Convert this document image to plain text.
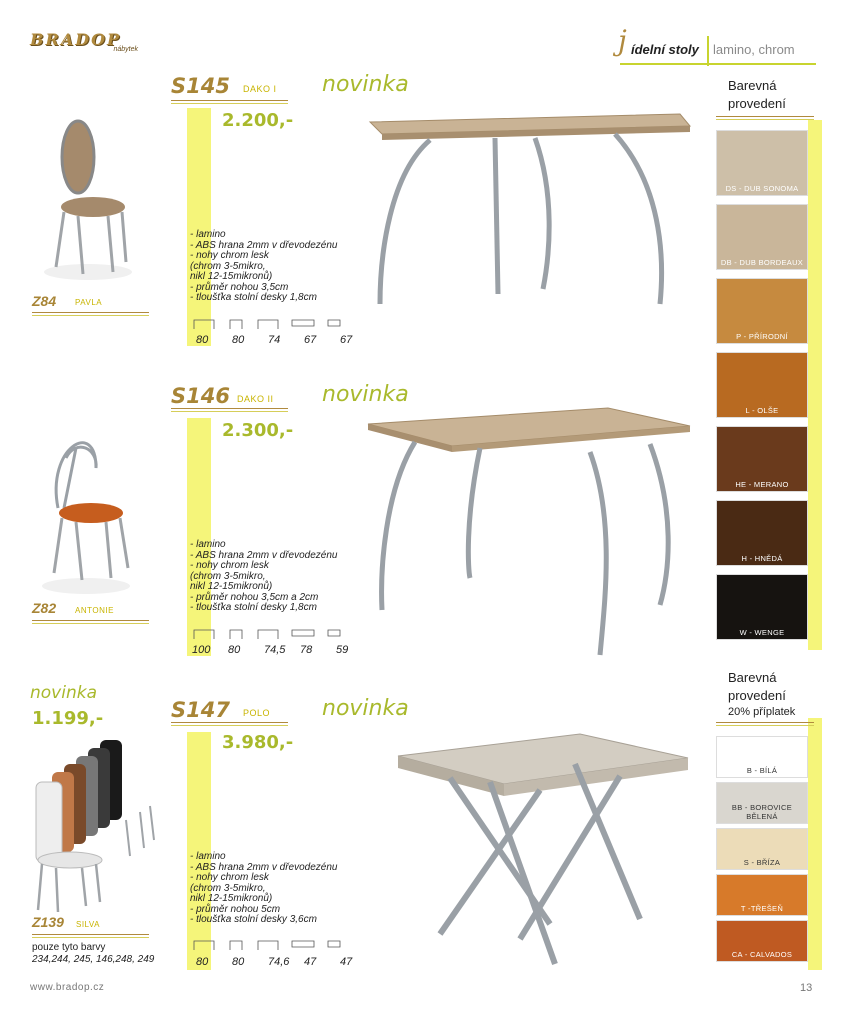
BRADOP
nábytek	j ídelní stoly lamino, chrom
S145 DAKO I novinka
2.200,-
- lamino
- ABS hrana 2mm v dřevodezénu
- nohy chrom lesk
(chrom 3-5mikro,
nikl 12-15mikronů)
- průměr nohou 3,5cm
- tloušťka stolní desky 1,8cm
80	80	74	67	67
S146 DAKO II novinka
2.300,-
- lamino
- ABS hrana 2mm v dřevodezénu
- nohy chrom lesk
(chrom 3-5mikro,
nikl 12-15mikronů)
- průměr nohou 3,5cm a 2cm
- tloušťka stolní desky 1,8cm
100	80	74,5	78	59
S147 POLO novinka
3.980,-
- lamino
- ABS hrana 2mm v dřevodezénu
- nohy chrom lesk
(chrom 3-5mikro,
nikl 12-15mikronů)
- průměr nohou 5cm
- tloušťka stolní desky 3,6cm
80	80	74,6	47	47
Z84 PAVLA
Z82 ANTONIE
novinka
1.199,-
Z139 SILVA
pouze tyto barvy
234,244, 245, 146,248, 249
Barevná
provedení
DS - DUB SONOMA
DB - DUB BORDEAUX
P - PŘÍRODNÍ
L - OLŠE
HE - MERANO
H - HNĚDÁ
W - WENGE
Barevná
provedení
20% příplatek
B - BÍLÁ
BB - BOROVICE BĚLENÁ
S - BŘÍZA
T -TŘEŠEŇ
CA - CALVADOS
www.bradop.cz	13
